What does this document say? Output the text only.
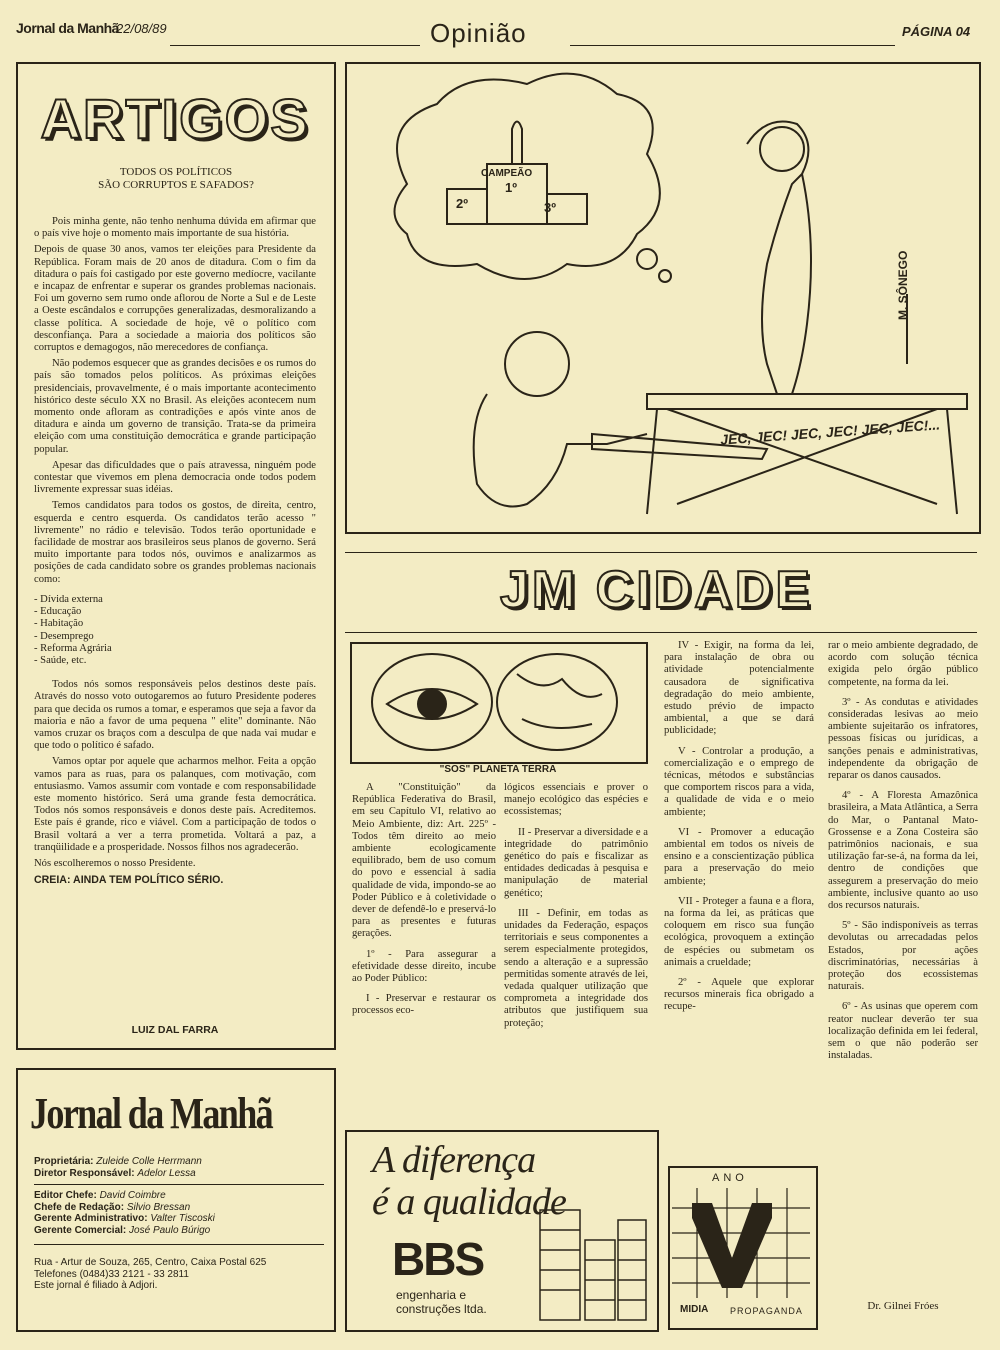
Jornal da Manhã
22/08/89	Opinião	PÁGINA 04
ARTIGOS
TODOS OS POLÍTICOS
SÃO CORRUPTOS E SAFADOS?

Pois minha gente, não tenho nenhuma dúvida em afirmar que o país vive hoje o momento mais importante de sua história.

Depois de quase 30 anos, vamos ter eleições para Presidente da República. Foram mais de 20 anos de ditadura. Com o fim da ditadura o país foi castigado por este governo medíocre, vacilante e incapaz de enfrentar e superar os grandes problemas nacionais. Foi um governo sem rumo onde aflorou de Norte a Sul e de Leste a Oeste escândalos e corrupções generalizadas, desmoralizando a classe política. A sociedade de hoje, vê o político com desconfiança. Para a sociedade a maioria dos políticos são corruptos e demagogos, não merecedores de confiança.

Não podemos esquecer que as grandes decisões e os rumos do país são tomados pelos políticos. As próximas eleições presidenciais, provavelmente, é o mais importante acontecimento histórico deste século XX no Brasil. As eleições acontecem num momento onde afloram as contradições e após vinte anos de ditadura e ainda um governo de transição. Trata-se da primeira eleição com uma constituição democrática e grande participação popular.

Apesar das dificuldades que o país atravessa, ninguém pode contestar que vivemos em plena democracia onde todos podem livremente expressar suas idéias.

Temos candidatos para todos os gostos, de direita, centro, esquerda e centro esquerda. Os candidatos terão acesso " livremente" no rádio e televisão. Todos terão oportunidade e facilidade de mostrar aos brasileiros seus planos de governo. Será muito importante para todos nós, ouvimos e analizarmos as posições de cada candidato sobre os grandes problemas nacionais como:

- Dívida externa
- Educação
- Habitação
- Desemprego
- Reforma Agrária
- Saúde, etc.

Todos nós somos responsáveis pelos destinos deste país. Através do nosso voto outogaremos ao futuro Presidente poderes para que decida os rumos a tomar, e esperamos que seja a favor da maioria e não a favor de uma pequena " elite" dominante. Não vamos cruzar os braços com a desculpa de que nada vai mudar e que todo o político é safado.

Vamos optar por aquele que acharmos melhor. Feita a opção vamos para as ruas, para os palanques, com motivação, com entusiasmo. Vamos assumir com vontade e com responsabilidade este momento histórico. Será uma grande festa democrática. Todos nós somos responsáveis e donos deste país. Acreditemos. Este país é grande, rico e viável. Com a participação de todos o Brasil voltará a ver a terra prometida. Voltará a paz, a tranqüilidade e a prosperidade. Nossos filhos nos agradecerão.

Nós escolheremos o nosso Presidente.

CREIA: AINDA TEM POLÍTICO SÉRIO.

LUIZ DAL FARRA
Jornal da Manhã
Proprietária: Zuleide Colle Herrmann
Diretor Responsável: Adelor Lessa
Editor Chefe: David Coimbre
Chefe de Redação: Silvio Bressan
Gerente Administrativo: Valter Tiscoski
Gerente Comercial: José Paulo Búrigo
Rua - Artur de Souza, 265, Centro, Caixa Postal 625
Telefones (0484)33 2121 - 33 2811
Este jornal é filiado à Adjori.
CAMPEÃO
2º
1º
3º
JEC, JEC! JEC, JEC! JEC, JEC!...
M. SÔNEGO
JM CIDADE
"SOS" PLANETA TERRA

A "Constituição" da República Federativa do Brasil, em seu Capítulo VI, relativo ao Meio Ambiente, diz: Art. 225º - Todos têm direito ao meio ambiente ecologicamente equilibrado, bem de uso comum do povo e essencial à sadia qualidade de vida, impondo-se ao Poder Público e à coletividade o dever de defendê-lo e preservá-lo para as presentes e futuras gerações.

1º - Para assegurar a efetividade desse direito, incube ao Poder Público:

I - Preservar e restaurar os processos eco-

lógicos essenciais e prover o manejo ecológico das espécies e ecossistemas;

II - Preservar a diversidade e a integridade do patrimônio genético do país e fiscalizar as entidades dedicadas à pesquisa e manipulação de material genético;

III - Definir, em todas as unidades da Federação, espaços territoriais e seus componentes a serem especialmente protegidos, sendo a alteração e a supressão permitidas somente através de lei, vedada qualquer utilização que comprometa a integridade dos atributos que justifiquem sua proteção;

IV - Exigir, na forma da lei, para instalação de obra ou atividade potencialmente causadora de significativa degradação do meio ambiente, estudo prévio de impacto ambiental, a que se dará publicidade;

V - Controlar a produção, a comercialização e o emprego de técnicas, métodos e substâncias que comportem riscos para a vida, a qualidade de vida e o meio ambiente;

VI - Promover a educação ambiental em todos os níveis de ensino e a conscientização pública para a preservação do meio ambiente;

VII - Proteger a fauna e a flora, na forma da lei, as práticas que coloquem em risco sua função ecológica, provoquem a extinção de espécies ou submetam os animais a crueldade;

2º - Aquele que explorar recursos minerais fica obrigado a recupe-

rar o meio ambiente degradado, de acordo com solução técnica exigida pelo órgão público competente, na forma da lei.

3º - As condutas e atividades consideradas lesivas ao meio ambiente sujeitarão os infratores, pessoas físicas ou jurídicas, a sanções penais e administrativas, independente da obrigação de reparar os danos causados.

4º - A Floresta Amazônica brasileira, a Mata Atlântica, a Serra do Mar, o Pantanal Mato-Grossense e a Zona Costeira são patrimônios nacionais, e sua utilização far-se-á, na forma da lei, dentro de condições que assegurem a preservação do meio ambiente, inclusive quanto ao uso dos recursos naturais.

5º - São indisponíveis as terras devolutas ou arrecadadas pelos Estados, por ações discriminatórias, necessárias à proteção dos ecossistemas naturais.

6º - As usinas que operem com reator nuclear deverão ter sua localização definida em lei federal, sem o que não poderão ser instaladas.

Dr. Gilnei Fróes
A diferença
é a qualidade
BBS
engenharia e
construções ltda.
ANO
MIDIA PROPAGANDA
